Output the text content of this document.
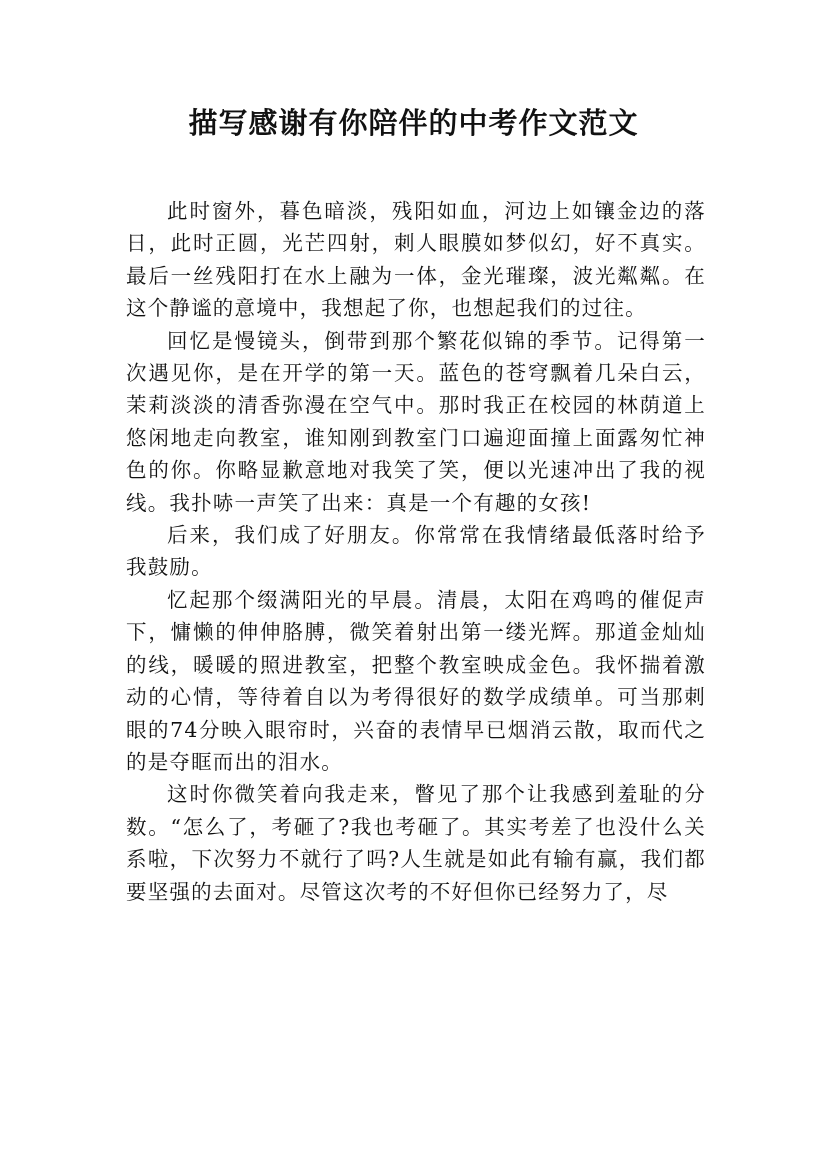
描写感谢有你陪伴的中考作文范文

此时窗外，暮色暗淡，残阳如血，河边上如镶金边的落日，此时正圆，光芒四射，刺人眼膜如梦似幻，好不真实。最后一丝残阳打在水上融为一体，金光璀璨，波光粼粼。在这个静谧的意境中，我想起了你，也想起我们的过往。

回忆是慢镜头，倒带到那个繁花似锦的季节。记得第一次遇见你，是在开学的第一天。蓝色的苍穹飘着几朵白云，茉莉淡淡的清香弥漫在空气中。那时我正在校园的林荫道上悠闲地走向教室，谁知刚到教室门口遍迎面撞上面露匆忙神色的你。你略显歉意地对我笑了笑，便以光速冲出了我的视线。我扑哧一声笑了出来：真是一个有趣的女孩!

后来，我们成了好朋友。你常常在我情绪最低落时给予我鼓励。

忆起那个缀满阳光的早晨。清晨，太阳在鸡鸣的催促声下，慵懒的伸伸胳膊，微笑着射出第一缕光辉。那道金灿灿的线，暖暖的照进教室，把整个教室映成金色。我怀揣着激动的心情，等待着自以为考得很好的数学成绩单。可当那刺眼的74分映入眼帘时，兴奋的表情早已烟消云散，取而代之的是夺眶而出的泪水。

这时你微笑着向我走来，瞥见了那个让我感到羞耻的分数。“怎么了，考砸了?我也考砸了。其实考差了也没什么关系啦，下次努力不就行了吗?人生就是如此有输有赢，我们都要坚强的去面对。尽管这次考的不好但你已经努力了，尽
